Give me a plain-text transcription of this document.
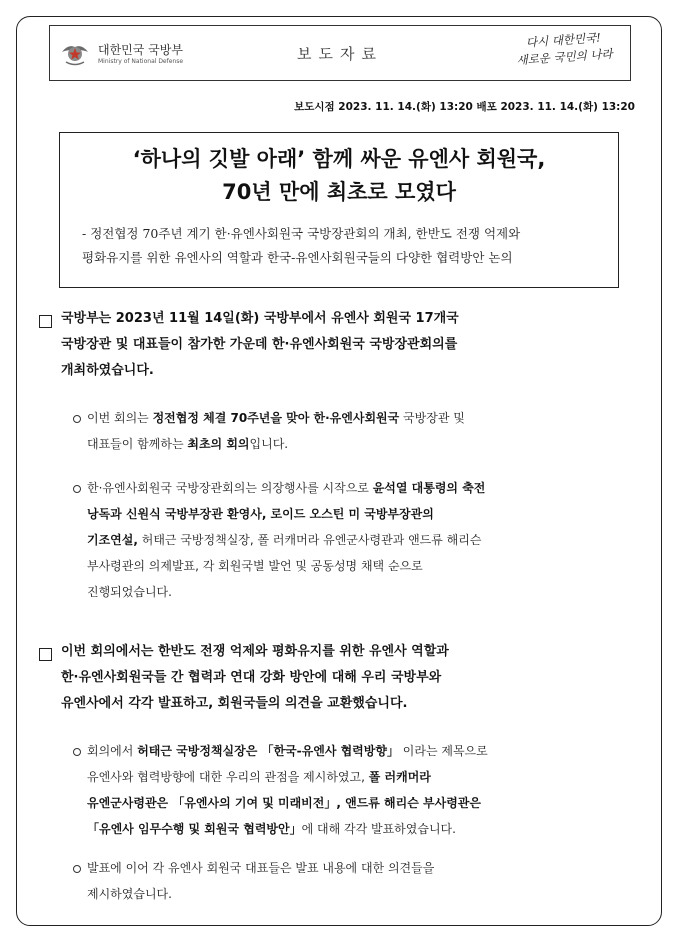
대한민국 국방부
Ministry of National Defense	보도자료
다시 대한민국!
새로운 국민의 나라
보도시점 2023. 11. 14.(화) 13:20 배포 2023. 11. 14.(화) 13:20
‘하나의 깃발 아래’ 함께 싸운 유엔사 회원국,
70년 만에 최초로 모였다
- 정전협정 70주년 계기 한·유엔사회원국 국방장관회의 개최, 한반도 전쟁 억제와
평화유지를 위한 유엔사의 역할과 한국-유엔사회원국들의 다양한 협력방안 논의
국방부는 2023년 11월 14일(화) 국방부에서 유엔사 회원국 17개국
국방장관 및 대표들이 참가한 가운데 한·유엔사회원국 국방장관회의를
개최하였습니다.
이번 회의는 정전협정 체결 70주년을 맞아 한·유엔사회원국 국방장관 및
대표들이 함께하는 최초의 회의입니다.
한·유엔사회원국 국방장관회의는 의장행사를 시작으로 윤석열 대통령의 축전
낭독과 신원식 국방부장관 환영사, 로이드 오스틴 미 국방부장관의
기조연설, 허태근 국방정책실장, 폴 러캐머라 유엔군사령관과 앤드류 해리슨
부사령관의 의제발표, 각 회원국별 발언 및 공동성명 채택 순으로
진행되었습니다.
이번 회의에서는 한반도 전쟁 억제와 평화유지를 위한 유엔사 역할과
한·유엔사회원국들 간 협력과 연대 강화 방안에 대해 우리 국방부와
유엔사에서 각각 발표하고, 회원국들의 의견을 교환했습니다.
회의에서 허태근 국방정책실장은 「한국-유엔사 협력방향」 이라는 제목으로
유엔사와 협력방향에 대한 우리의 관점을 제시하였고, 폴 러캐머라
유엔군사령관은 「유엔사의 기여 및 미래비전」, 앤드류 해리슨 부사령관은
「유엔사 임무수행 및 회원국 협력방안」에 대해 각각 발표하였습니다.
발표에 이어 각 유엔사 회원국 대표들은 발표 내용에 대한 의견들을
제시하였습니다.
